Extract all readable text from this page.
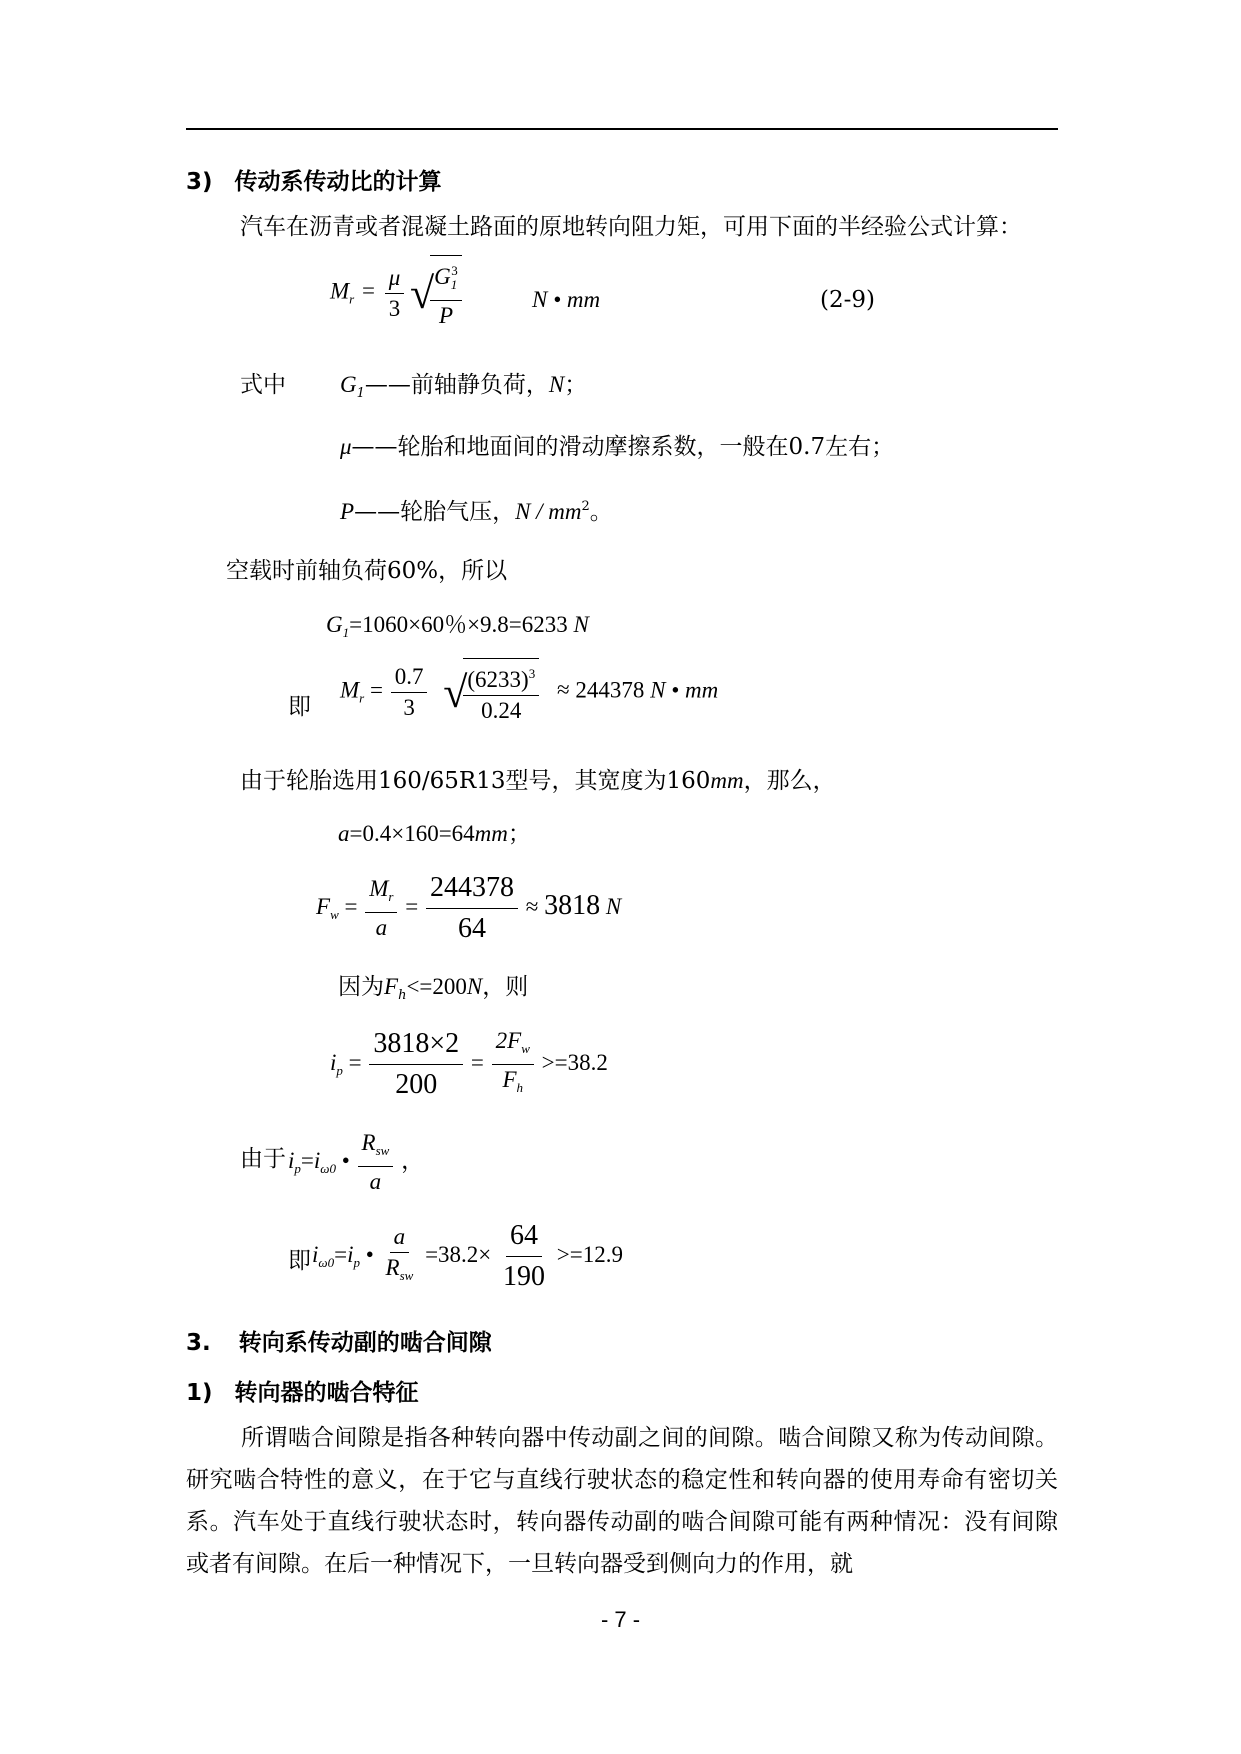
3) 传动系传动比的计算
汽车在沥青或者混凝土路面的原地转向阻力矩，可用下面的半经验公式计算：
$M_r = \frac{\mu}{3}$ √
$\frac{G_1^3}{P}$	N • mm	(2-9)
式中 $G_1——$前轴静负荷，N；
μ——轮胎和地面间的滑动摩擦系数，一般在0.7左右；
P——轮胎气压，N / $mm^2$。
空载时前轴负荷60%，所以
$G_1=1060\times 60$％×9.8=6233 N
即
$M_r = \frac{0.7}{3}$ √
$\frac{(6233)^3}{0.24} \approx 244378$ N • mm
由于轮胎选用160/65R13型号，其宽度为160mm，那么，
a=0.4×160=64mm；
$F_w = \frac{M_r}{a} = \frac{244378}{64} \approx 3818$ N
因为$F_h<=200N$，则
$i_p = \frac{3818\times 2}{200} = \frac{2F_w}{F_h} >=38.2$
由于 $i_p=i_{\omega 0}$ • $\frac{R_{sw}}{a}$ ，
即 $i_{\omega 0}=i_p$ • $\frac{a}{R_{sw}} =38.2\times \frac{64}{190} >=12.9$
3. 转向系传动副的啮合间隙
1) 转向器的啮合特征
所谓啮合间隙是指各种转向器中传动副之间的间隙。啮合间隙又称为传动间隙。研究啮合特性的意义，在于它与直线行驶状态的稳定性和转向器的使用寿命有密切关系。汽车处于直线行驶状态时，转向器传动副的啮合间隙可能有两种情况：没有间隙或者有间隙。在后一种情况下，一旦转向器受到侧向力的作用，就
- 7 -
